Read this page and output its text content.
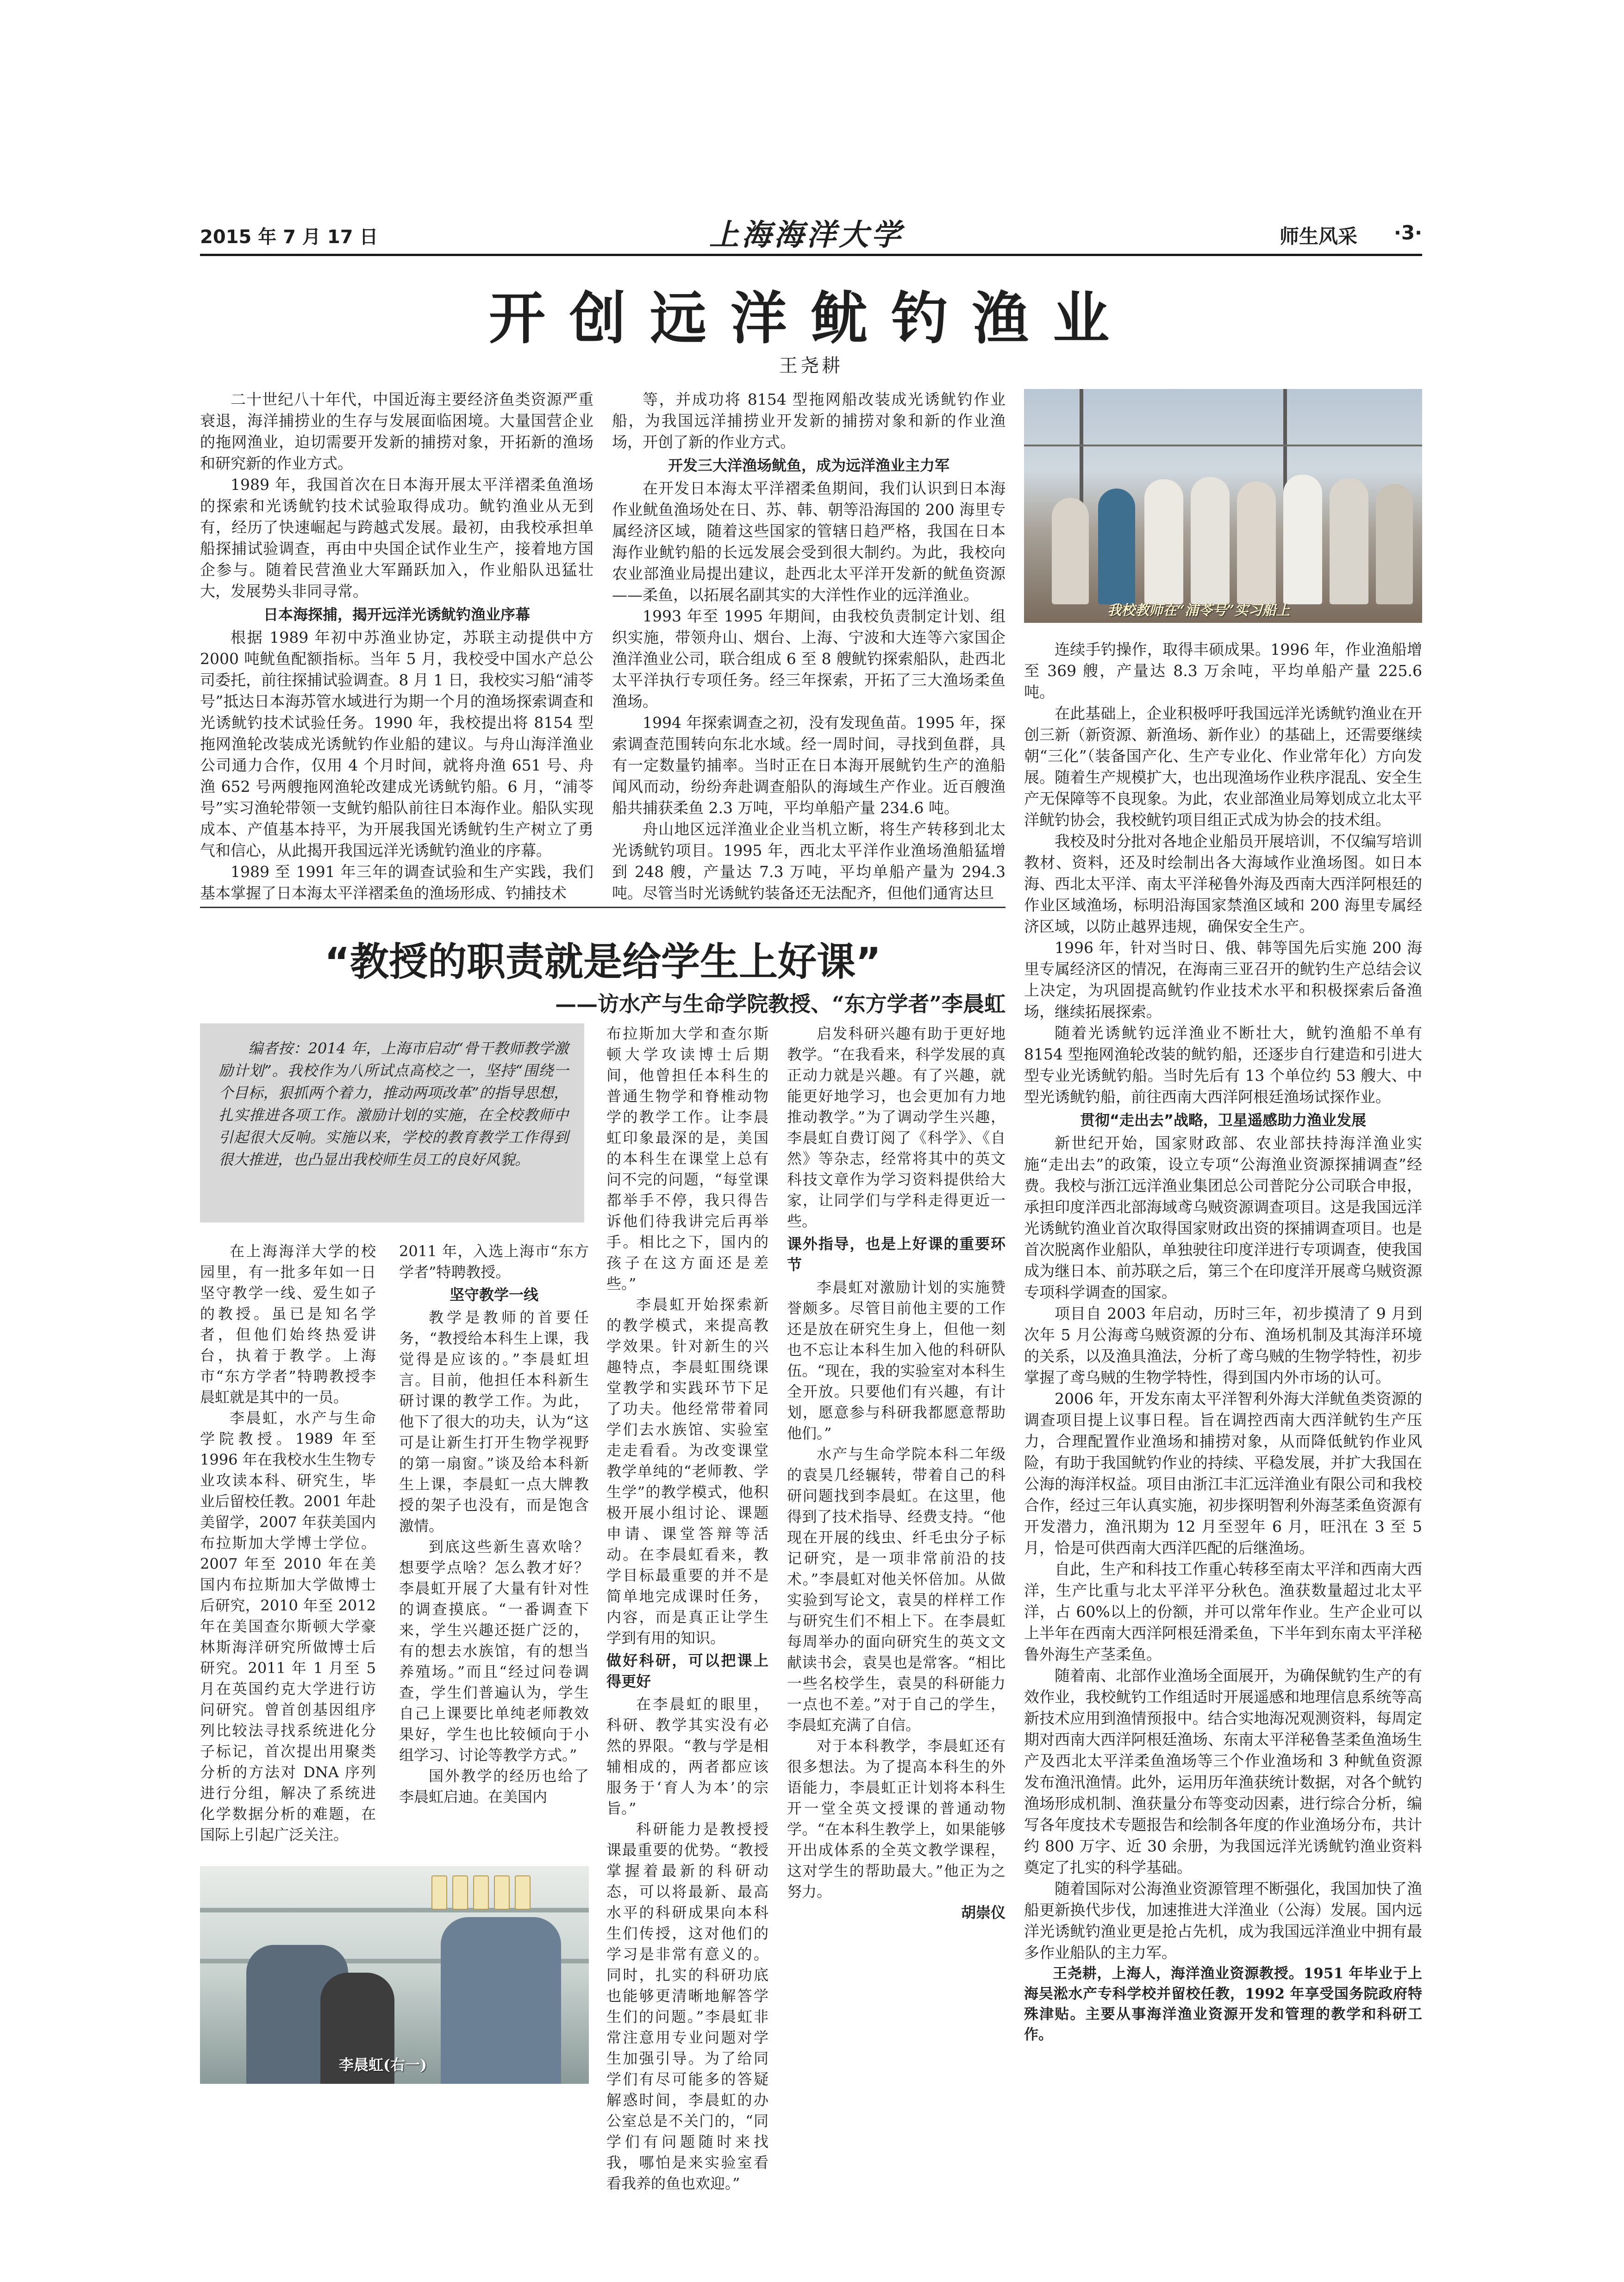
2015 年 7 月 17 日	上海海洋大学	师生风采 ·3·
开创远洋鱿钓渔业
王尧耕

二十世纪八十年代，中国近海主要经济鱼类资源严重衰退，海洋捕捞业的生存与发展面临困境。大量国营企业的拖网渔业，迫切需要开发新的捕捞对象，开拓新的渔场和研究新的作业方式。

1989 年，我国首次在日本海开展太平洋褶柔鱼渔场的探索和光诱鱿钓技术试验取得成功。鱿钓渔业从无到有，经历了快速崛起与跨越式发展。最初，由我校承担单船探捕试验调查，再由中央国企试作业生产，接着地方国企参与。随着民营渔业大军踊跃加入，作业船队迅猛壮大，发展势头非同寻常。

日本海探捕，揭开远洋光诱鱿钓渔业序幕

根据 1989 年初中苏渔业协定，苏联主动提供中方 2000 吨鱿鱼配额指标。当年 5 月，我校受中国水产总公司委托，前往探捕试验调查。8 月 1 日，我校实习船“浦苓号”抵达日本海苏管水域进行为期一个月的渔场探索调查和光诱鱿钓技术试验任务。1990 年，我校提出将 8154 型拖网渔轮改装成光诱鱿钓作业船的建议。与舟山海洋渔业公司通力合作，仅用 4 个月时间，就将舟渔 651 号、舟渔 652 号两艘拖网渔轮改建成光诱鱿钓船。6 月，“浦苓号”实习渔轮带领一支鱿钓船队前往日本海作业。船队实现成本、产值基本持平，为开展我国光诱鱿钓生产树立了勇气和信心，从此揭开我国远洋光诱鱿钓渔业的序幕。

1989 至 1991 年三年的调查试验和生产实践，我们基本掌握了日本海太平洋褶柔鱼的渔场形成、钓捕技术

等，并成功将 8154 型拖网船改装成光诱鱿钓作业船，为我国远洋捕捞业开发新的捕捞对象和新的作业渔场，开创了新的作业方式。

开发三大洋渔场鱿鱼，成为远洋渔业主力军

在开发日本海太平洋褶柔鱼期间，我们认识到日本海作业鱿鱼渔场处在日、苏、韩、朝等沿海国的 200 海里专属经济区域，随着这些国家的管辖日趋严格，我国在日本海作业鱿钓船的长远发展会受到很大制约。为此，我校向农业部渔业局提出建议，赴西北太平洋开发新的鱿鱼资源——柔鱼，以拓展名副其实的大洋性作业的远洋渔业。

1993 年至 1995 年期间，由我校负责制定计划、组织实施，带领舟山、烟台、上海、宁波和大连等六家国企渔洋渔业公司，联合组成 6 至 8 艘鱿钓探索船队，赴西北太平洋执行专项任务。经三年探索，开拓了三大渔场柔鱼渔场。

1994 年探索调查之初，没有发现鱼苗。1995 年，探索调查范围转向东北水域。经一周时间，寻找到鱼群，具有一定数量钓捕率。当时正在日本海开展鱿钓生产的渔船闻风而动，纷纷奔赴调查船队的海域生产作业。近百艘渔船共捕获柔鱼 2.3 万吨，平均单船产量 234.6 吨。

舟山地区远洋渔业企业当机立断，将生产转移到北太光诱鱿钓项目。1995 年，西北太平洋作业渔场渔船猛增到 248 艘，产量达 7.3 万吨，平均单船产量为 294.3 吨。尽管当时光诱鱿钓装备还无法配齐，但他们通宵达旦

我校教师在“浦苓号”实习船上

连续手钓操作，取得丰硕成果。1996 年，作业渔船增至 369 艘，产量达 8.3 万余吨，平均单船产量 225.6 吨。

在此基础上，企业积极呼吁我国远洋光诱鱿钓渔业在开创三新（新资源、新渔场、新作业）的基础上，还需要继续朝“三化”（装备国产化、生产专业化、作业常年化）方向发展。随着生产规模扩大，也出现渔场作业秩序混乱、安全生产无保障等不良现象。为此，农业部渔业局筹划成立北太平洋鱿钓协会，我校鱿钓项目组正式成为协会的技术组。

我校及时分批对各地企业船员开展培训，不仅编写培训教材、资料，还及时绘制出各大海域作业渔场图。如日本海、西北太平洋、南太平洋秘鲁外海及西南大西洋阿根廷的作业区域渔场，标明沿海国家禁渔区域和 200 海里专属经济区域，以防止越界违规，确保安全生产。

1996 年，针对当时日、俄、韩等国先后实施 200 海里专属经济区的情况，在海南三亚召开的鱿钓生产总结会议上决定，为巩固提高鱿钓作业技术水平和积极探索后备渔场，继续拓展探索。

随着光诱鱿钓远洋渔业不断壮大，鱿钓渔船不单有 8154 型拖网渔轮改装的鱿钓船，还逐步自行建造和引进大型专业光诱鱿钓船。当时先后有 13 个单位约 53 艘大、中型光诱鱿钓船，前往西南大西洋阿根廷渔场试探作业。

贯彻“走出去”战略，卫星遥感助力渔业发展

新世纪开始，国家财政部、农业部扶持海洋渔业实施“走出去”的政策，设立专项“公海渔业资源探捕调查”经费。我校与浙江远洋渔业集团总公司普陀分公司联合申报，承担印度洋西北部海域鸢乌贼资源调查项目。这是我国远洋光诱鱿钓渔业首次取得国家财政出资的探捕调查项目。也是首次脱离作业船队，单独驶往印度洋进行专项调查，使我国成为继日本、前苏联之后，第三个在印度洋开展鸢乌贼资源专项科学调查的国家。

项目自 2003 年启动，历时三年，初步摸清了 9 月到次年 5 月公海鸢乌贼资源的分布、渔场机制及其海洋环境的关系，以及渔具渔法，分析了鸢乌贼的生物学特性，初步掌握了鸢乌贼的生物学特性，得到国内外市场的认可。

2006 年，开发东南太平洋智利外海大洋鱿鱼类资源的调查项目提上议事日程。旨在调控西南大西洋鱿钓生产压力，合理配置作业渔场和捕捞对象，从而降低鱿钓作业风险，有助于我国鱿钓作业的持续、平稳发展，并扩大我国在公海的海洋权益。项目由浙江丰汇远洋渔业有限公司和我校合作，经过三年认真实施，初步探明智利外海茎柔鱼资源有开发潜力，渔汛期为 12 月至翌年 6 月，旺汛在 3 至 5 月，恰是可供西南大西洋匹配的后继渔场。

自此，生产和科技工作重心转移至南太平洋和西南大西洋，生产比重与北太平洋平分秋色。渔获数量超过北太平洋，占 60%以上的份额，并可以常年作业。生产企业可以上半年在西南大西洋阿根廷滑柔鱼，下半年到东南太平洋秘鲁外海生产茎柔鱼。

随着南、北部作业渔场全面展开，为确保鱿钓生产的有效作业，我校鱿钓工作组适时开展遥感和地理信息系统等高新技术应用到渔情预报中。结合实地海况观测资料，每周定期对西南大西洋阿根廷渔场、东南太平洋秘鲁茎柔鱼渔场生产及西北太平洋柔鱼渔场等三个作业渔场和 3 种鱿鱼资源发布渔汛渔情。此外，运用历年渔获统计数据，对各个鱿钓渔场形成机制、渔获量分布等变动因素，进行综合分析，编写各年度技术专题报告和绘制各年度的作业渔场分布，共计约 800 万字、近 30 余册，为我国远洋光诱鱿钓渔业资料奠定了扎实的科学基础。

随着国际对公海渔业资源管理不断强化，我国加快了渔船更新换代步伐，加速推进大洋渔业（公海）发展。国内远洋光诱鱿钓渔业更是抢占先机，成为我国远洋渔业中拥有最多作业船队的主力军。

王尧耕，上海人，海洋渔业资源教授。1951 年毕业于上海吴淞水产专科学校并留校任教，1992 年享受国务院政府特殊津贴。主要从事海洋渔业资源开发和管理的教学和科研工作。

“教授的职责就是给学生上好课”
——访水产与生命学院教授、“东方学者”李晨虹
编者按：2014 年，上海市启动“骨干教师教学激励计划”。我校作为八所试点高校之一，坚持“围绕一个目标，狠抓两个着力，推动两项改革”的指导思想，扎实推进各项工作。激励计划的实施，在全校教师中引起很大反响。实施以来，学校的教育教学工作得到很大推进，也凸显出我校师生员工的良好风貌。

在上海海洋大学的校园里，有一批多年如一日坚守教学一线、爱生如子的教授。虽已是知名学者，但他们始终热爱讲台，执着于教学。上海市“东方学者”特聘教授李晨虹就是其中的一员。

李晨虹，水产与生命学院教授。1989 年至 1996 年在我校水生生物专业攻读本科、研究生，毕业后留校任教。2001 年赴美留学，2007 年获美国内布拉斯加大学博士学位。2007 年至 2010 年在美国内布拉斯加大学做博士后研究，2010 年至 2012 年在美国查尔斯顿大学豪林斯海洋研究所做博士后研究。2011 年 1 月至 5 月在英国约克大学进行访问研究。曾首创基因组序列比较法寻找系统进化分子标记，首次提出用聚类分析的方法对 DNA 序列进行分组，解决了系统进化学数据分析的难题，在国际上引起广泛关注。

2011 年，入选上海市“东方学者”特聘教授。

坚守教学一线

教学是教师的首要任务，“教授给本科生上课，我觉得是应该的。”李晨虹坦言。目前，他担任本科新生研讨课的教学工作。为此，他下了很大的功夫，认为“这可是让新生打开生物学视野的第一扇窗。”谈及给本科新生上课，李晨虹一点大牌教授的架子也没有，而是饱含激情。

到底这些新生喜欢啥？想要学点啥？怎么教才好？李晨虹开展了大量有针对性的调查摸底。“一番调查下来，学生兴趣还挺广泛的，有的想去水族馆，有的想当养殖场。”而且“经过问卷调查，学生们普遍认为，学生自己上课要比单纯老师教效果好，学生也比较倾向于小组学习、讨论等教学方式。”

国外教学的经历也给了李晨虹启迪。在美国内

布拉斯加大学和查尔斯顿大学攻读博士后期间，他曾担任本科生的普通生物学和脊椎动物学的教学工作。让李晨虹印象最深的是，美国的本科生在课堂上总有问不完的问题，“每堂课都举手不停，我只得告诉他们待我讲完后再举手。相比之下，国内的孩子在这方面还是差些。”

李晨虹开始探索新的教学模式，来提高教学效果。针对新生的兴趣特点，李晨虹围绕课堂教学和实践环节下足了功夫。他经常带着同学们去水族馆、实验室走走看看。为改变课堂教学单纯的“老师教、学生学”的教学模式，他积极开展小组讨论、课题申请、课堂答辩等活动。在李晨虹看来，教学目标最重要的并不是简单地完成课时任务，内容，而是真正让学生学到有用的知识。

做好科研，可以把课上得更好

在李晨虹的眼里，科研、教学其实没有必然的界限。“教与学是相辅相成的，两者都应该服务于‘育人为本’的宗旨。”

科研能力是教授授课最重要的优势。“教授掌握着最新的科研动态，可以将最新、最高水平的科研成果向本科生们传授，这对他们的学习是非常有意义的。同时，扎实的科研功底也能够更清晰地解答学生们的问题。”李晨虹非常注意用专业问题对学生加强引导。为了给同学们有尽可能多的答疑解惑时间，李晨虹的办公室总是不关门的，“同学们有问题随时来找我，哪怕是来实验室看看我养的鱼也欢迎。”

启发科研兴趣有助于更好地教学。“在我看来，科学发展的真正动力就是兴趣。有了兴趣，就能更好地学习，也会更加有力地推动教学。”为了调动学生兴趣，李晨虹自费订阅了《科学》、《自然》等杂志，经常将其中的英文科技文章作为学习资料提供给大家，让同学们与学科走得更近一些。

课外指导，也是上好课的重要环节

李晨虹对激励计划的实施赞誉颇多。尽管目前他主要的工作还是放在研究生身上，但他一刻也不忘让本科生加入他的科研队伍。“现在，我的实验室对本科生全开放。只要他们有兴趣，有计划，愿意参与科研我都愿意帮助他们。”

水产与生命学院本科二年级的袁昊几经辗转，带着自己的科研问题找到李晨虹。在这里，他得到了技术指导、经费支持。“他现在开展的线虫、纤毛虫分子标记研究，是一项非常前沿的技术。”李晨虹对他关怀倍加。从做实验到写论文，袁昊的样样工作与研究生们不相上下。在李晨虹每周举办的面向研究生的英文文献读书会，袁昊也是常客。“相比一些名校学生，袁昊的科研能力一点也不差。”对于自己的学生，李晨虹充满了自信。

对于本科教学，李晨虹还有很多想法。为了提高本科生的外语能力，李晨虹正计划将本科生开一堂全英文授课的普通动物学。“在本科生教学上，如果能够开出成体系的全英文教学课程，这对学生的帮助最大。”他正为之努力。

胡崇仪

李晨虹(右一)
